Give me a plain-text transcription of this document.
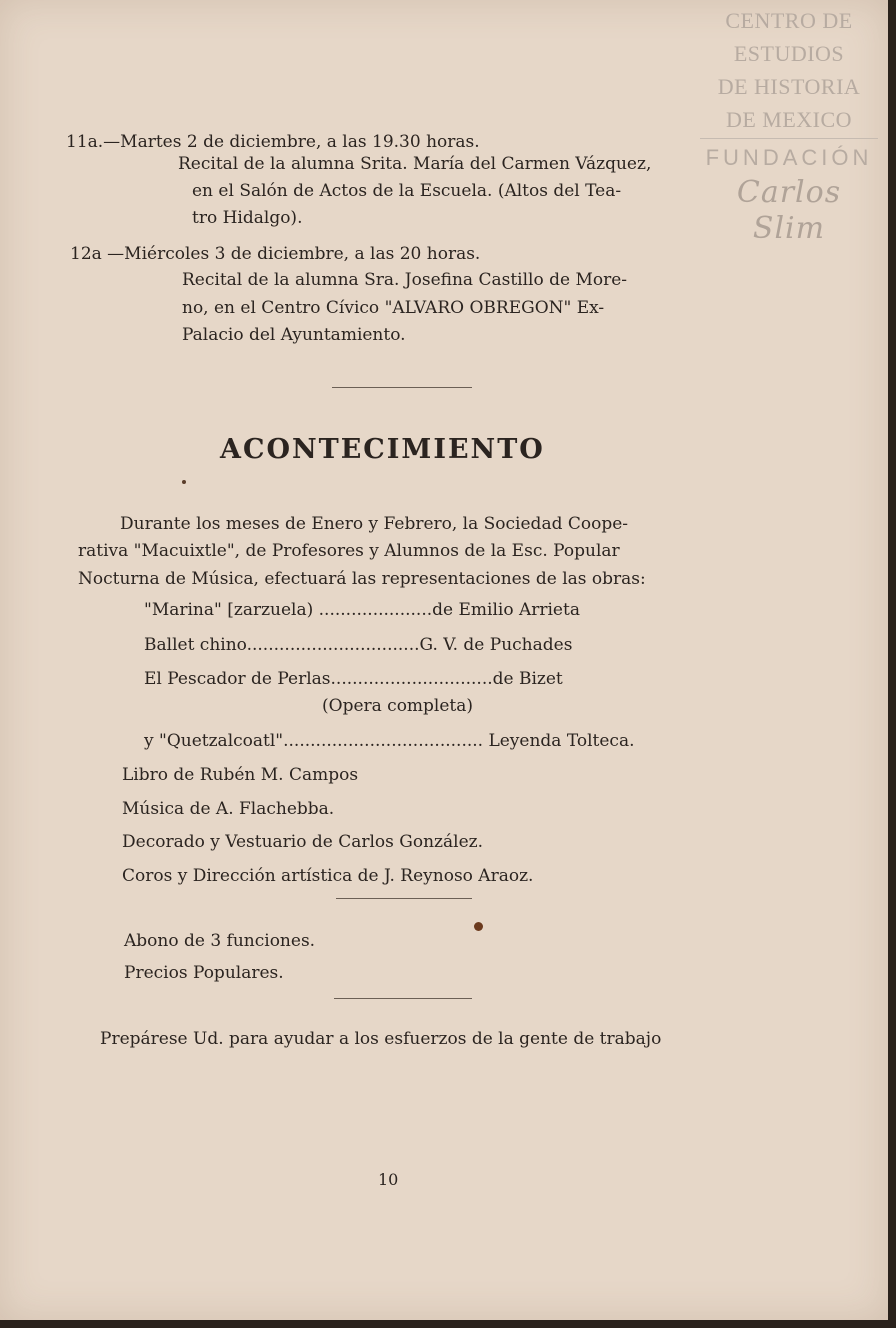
CENTRO DE
ESTUDIOS
DE HISTORIA
DE MEXICO
FUNDACIÓN
Carlos Slim
11a.—Martes 2 de diciembre, a las 19.30 horas.
Recital de la alumna Srita. María del Carmen Vázquez,
en el Salón de Actos de la Escuela. (Altos del Tea-
tro Hidalgo).
12a —Miércoles 3 de diciembre, a las 20 horas.
Recital de la alumna Sra. Josefina Castillo de More-
no, en el Centro Cívico "ALVARO OBREGON" Ex-
Palacio del Ayuntamiento.
ACONTECIMIENTO
Durante los meses de Enero y Febrero, la Sociedad Coope-
rativa "Macuixtle", de Profesores y Alumnos de la Esc. Popular
Nocturna de Música, efectuará las representaciones de las obras:
"Marina" [zarzuela) .....................de Emilio Arrieta
Ballet chino................................G. V. de Puchades
El Pescador de Perlas..............................de Bizet
(Opera completa)
y "Quetzalcoatl"..................................... Leyenda Tolteca.
Libro de Rubén M. Campos
Música de A. Flachebba.
Decorado y Vestuario de Carlos González.
Coros y Dirección artística de J. Reynoso Araoz.
Abono de 3 funciones.
Precios Populares.
Prepárese Ud. para ayudar a los esfuerzos de la gente de trabajo
10
